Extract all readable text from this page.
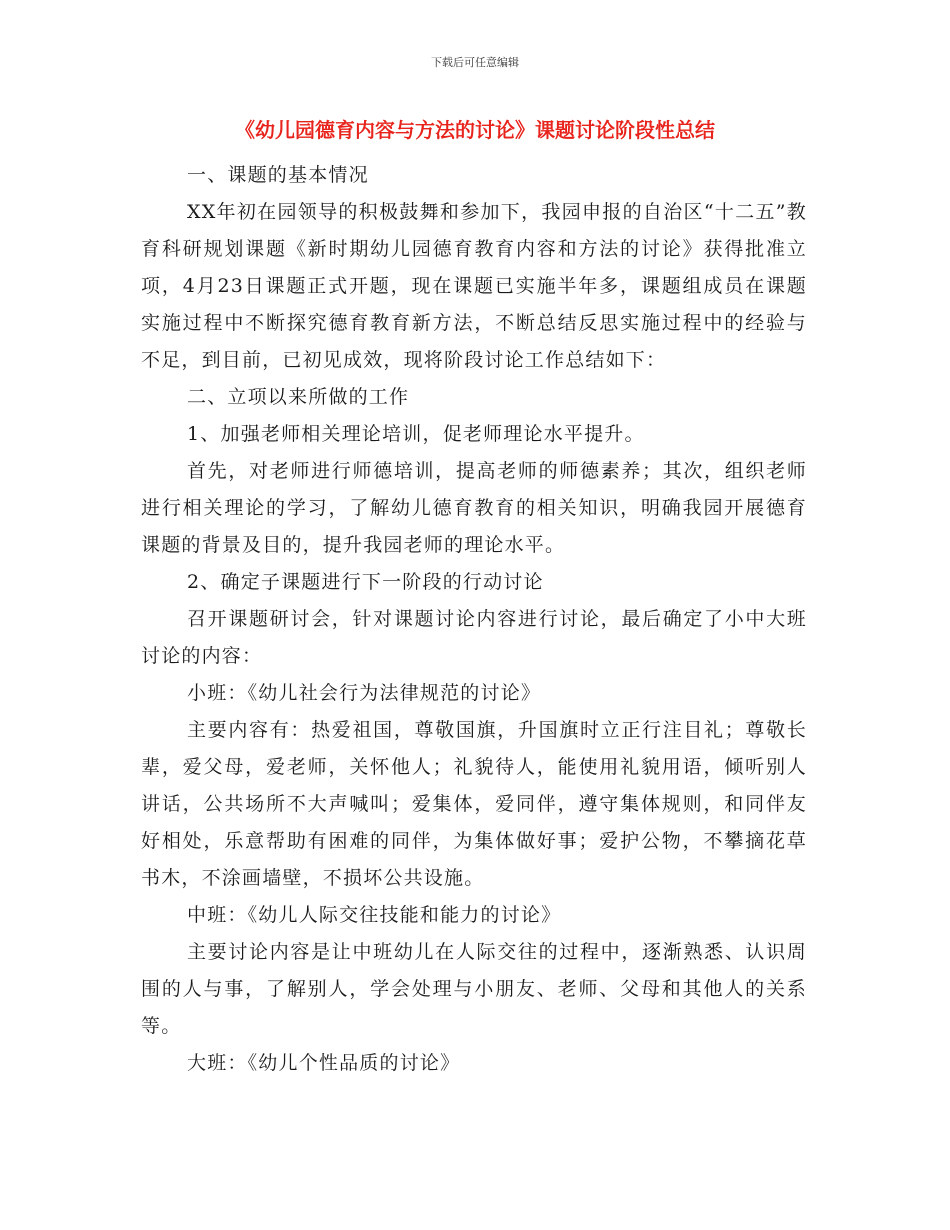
下载后可任意编辑
《幼儿园德育内容与方法的讨论》课题讨论阶段性总结

一、课题的基本情况

XX年初在园领导的积极鼓舞和参加下，我园申报的自治区“十二五”教育科研规划课题《新时期幼儿园德育教育内容和方法的讨论》获得批准立项，4月23日课题正式开题，现在课题已实施半年多，课题组成员在课题实施过程中不断探究德育教育新方法，不断总结反思实施过程中的经验与不足，到目前，已初见成效，现将阶段讨论工作总结如下：

二、立项以来所做的工作

1、加强老师相关理论培训，促老师理论水平提升。

首先，对老师进行师德培训，提高老师的师德素养；其次，组织老师进行相关理论的学习，了解幼儿德育教育的相关知识，明确我园开展德育课题的背景及目的，提升我园老师的理论水平。

2、确定子课题进行下一阶段的行动讨论

召开课题研讨会，针对课题讨论内容进行讨论，最后确定了小中大班讨论的内容：

小班：《幼儿社会行为法律规范的讨论》

主要内容有：热爱祖国，尊敬国旗，升国旗时立正行注目礼；尊敬长辈，爱父母，爱老师，关怀他人；礼貌待人，能使用礼貌用语，倾听别人讲话，公共场所不大声喊叫；爱集体，爱同伴，遵守集体规则，和同伴友好相处，乐意帮助有困难的同伴，为集体做好事；爱护公物，不攀摘花草书木，不涂画墙壁，不损坏公共设施。

中班：《幼儿人际交往技能和能力的讨论》

主要讨论内容是让中班幼儿在人际交往的过程中，逐渐熟悉、认识周围的人与事，了解别人，学会处理与小朋友、老师、父母和其他人的关系等。

大班：《幼儿个性品质的讨论》
